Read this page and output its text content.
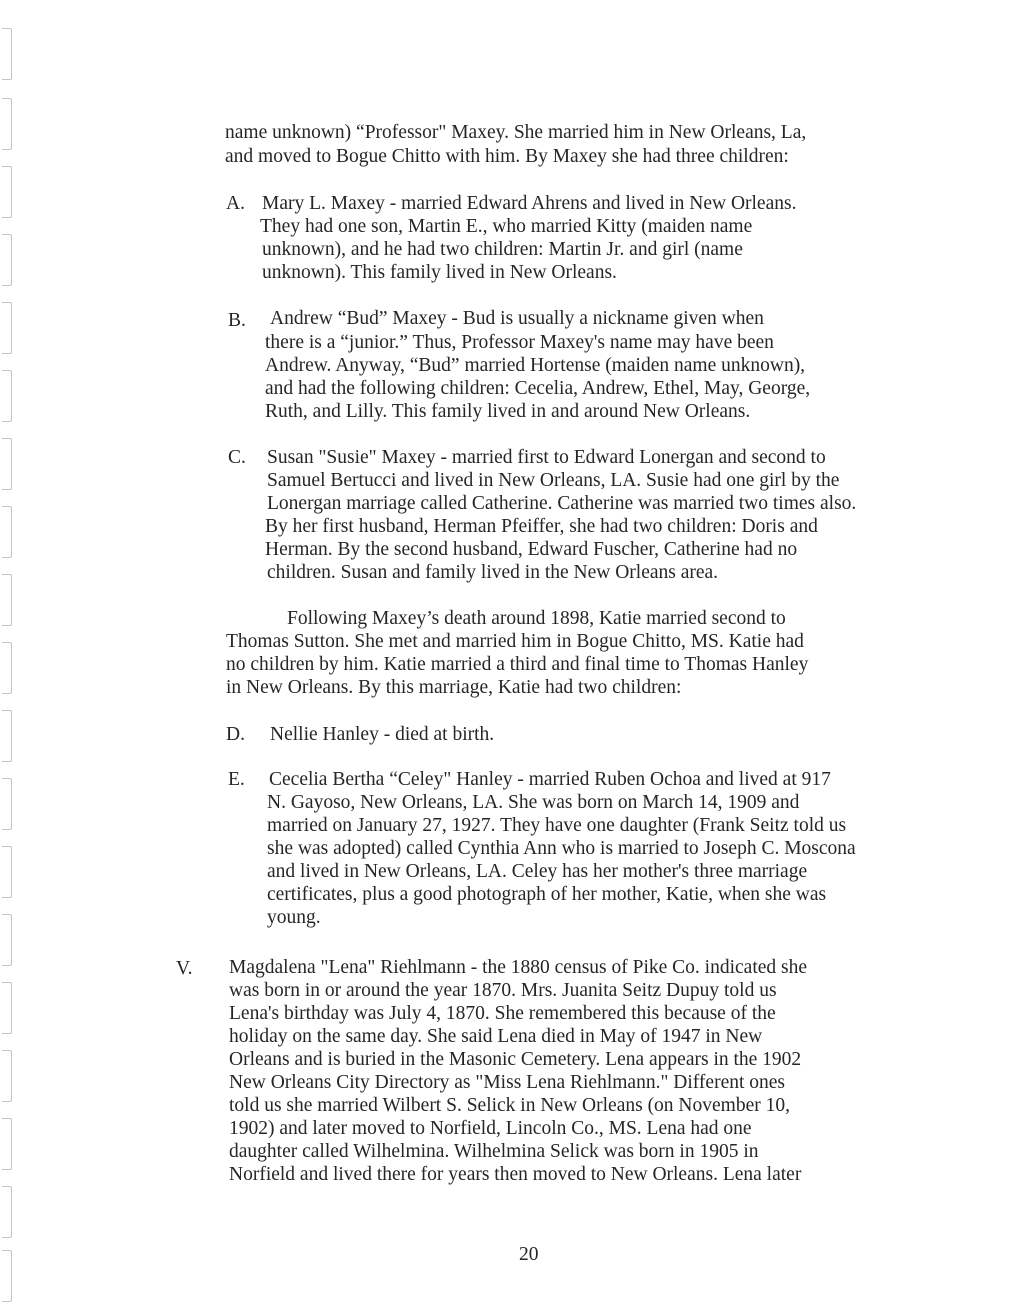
name unknown) “Professor" Maxey. She married him in New Orleans, La,
and moved to Bogue Chitto with him. By Maxey she had three children:
A. Mary L. Maxey - married Edward Ahrens and lived in New Orleans.
They had one son, Martin E., who married Kitty (maiden name
unknown), and he had two children: Martin Jr. and girl (name
unknown). This family lived in New Orleans.
B. Andrew “Bud” Maxey - Bud is usually a nickname given when
there is a “junior.” Thus, Professor Maxey's name may have been
Andrew. Anyway, “Bud” married Hortense (maiden name unknown),
and had the following children: Cecelia, Andrew, Ethel, May, George,
Ruth, and Lilly. This family lived in and around New Orleans.
C. Susan "Susie" Maxey - married first to Edward Lonergan and second to
Samuel Bertucci and lived in New Orleans, LA. Susie had one girl by the
Lonergan marriage called Catherine. Catherine was married two times also.
By her first husband, Herman Pfeiffer, she had two children: Doris and
Herman. By the second husband, Edward Fuscher, Catherine had no
children. Susan and family lived in the New Orleans area.
Following Maxey’s death around 1898, Katie married second to
Thomas Sutton. She met and married him in Bogue Chitto, MS. Katie had
no children by him. Katie married a third and final time to Thomas Hanley
in New Orleans. By this marriage, Katie had two children:
D. Nellie Hanley - died at birth.
E. Cecelia Bertha “Celey" Hanley - married Ruben Ochoa and lived at 917
N. Gayoso, New Orleans, LA. She was born on March 14, 1909 and
married on January 27, 1927. They have one daughter (Frank Seitz told us
she was adopted) called Cynthia Ann who is married to Joseph C. Moscona
and lived in New Orleans, LA. Celey has her mother's three marriage
certificates, plus a good photograph of her mother, Katie, when she was
young.
V. Magdalena "Lena" Riehlmann - the 1880 census of Pike Co. indicated she
was born in or around the year 1870. Mrs. Juanita Seitz Dupuy told us
Lena's birthday was July 4, 1870. She remembered this because of the
holiday on the same day. She said Lena died in May of 1947 in New
Orleans and is buried in the Masonic Cemetery. Lena appears in the 1902
New Orleans City Directory as "Miss Lena Riehlmann." Different ones
told us she married Wilbert S. Selick in New Orleans (on November 10,
1902) and later moved to Norfield, Lincoln Co., MS. Lena had one
daughter called Wilhelmina. Wilhelmina Selick was born in 1905 in
Norfield and lived there for years then moved to New Orleans. Lena later
20
